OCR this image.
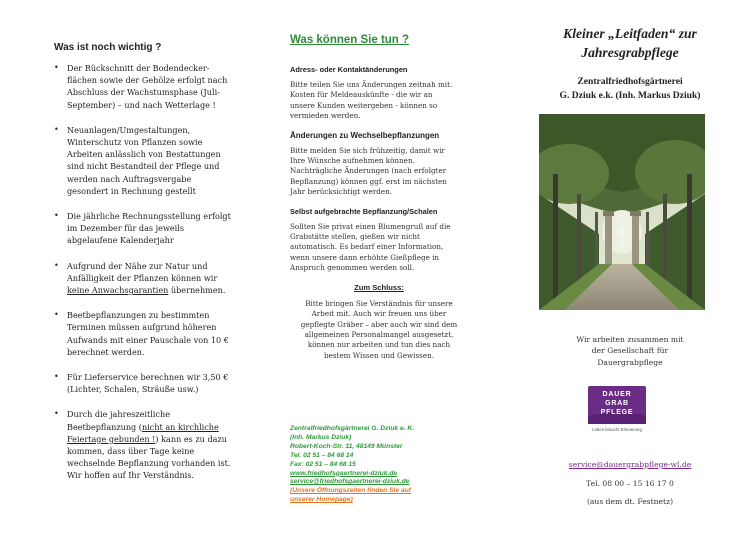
Was ist noch wichtig ?
• Der Rückschnitt der Bodendecker-
flächen sowie der Gehölze erfolgt nach
Abschluss der Wachstumsphase (Juli-
September) – und nach Wetterlage !
• Neuanlagen/Umgestaltungen,
Winterschutz von Pflanzen sowie
Arbeiten anlässlich von Bestattungen
sind nicht Bestandteil der Pflege und
werden nach Auftragsvergabe
gesondert in Rechnung gestellt
• Die jährliche Rechnungsstellung erfolgt
im Dezember für das jeweils
abgelaufene Kalenderjahr
• Aufgrund der Nähe zur Natur und
Anfälligkeit der Pflanzen können wir
keine Anwachsgarantien übernehmen.
• Beetbepflanzungen zu bestimmten
Terminen müssen aufgrund höheren
Aufwands mit einer Pauschale von 10 €
berechnet werden.
• Für Lieferservice berechnen wir 3,50 €
(Lichter, Schalen, Sträuße usw.)
• Durch die jahreszeitliche
Beetbepflanzung (nicht an kirchliche
Feiertage gebunden !) kann es zu dazu
kommen, dass über Tage keine
wechselnde Bepflanzung vorhanden ist.
Wir hoffen auf Ihr Verständnis.
Was können Sie tun ?
Adress- oder Kontaktänderungen

Bitte teilen Sie uns Änderungen zeitnah mit.
Kosten für Meldeauskünfte - die wir an
unsere Kunden weitergeben - können so
vermieden werden.

Änderungen zu Wechselbepflanzungen

Bitte melden Sie sich frühzeitig, damit wir
Ihre Wünsche aufnehmen können.
Nachträgliche Änderungen (nach erfolgter
Bepflanzung) können ggf. erst im nächsten
Jahr berücksichtigt werden.

Selbst aufgebrachte Bepflanzung/Schalen

Sollten Sie privat einen Blumengruß auf die
Grabstätte stellen, gießen wir nicht
automatisch. Es bedarf einer Information,
wenn unsere dann erhöhte Gießpflege in
Anspruch genommen werden soll.

Zum Schluss:

Bitte bringen Sie Verständnis für unsere
Arbeit mit. Auch wir freuen uns über
gepflegte Gräber – aber auch wir sind dem
allgemeinen Personalmangel ausgesetzt,
können nur arbeiten und tun dies nach
bestem Wissen und Gewissen.

Zentralfriedhofsgärtnerei G. Dziuk e. K.
(Inh. Markus Dziuk)
Robert-Koch-Str. 11, 48149 Münster
Tel. 02 51 – 84 68 14
Fax: 02 51 – 84 68 15
www.friedhofsgaertnerei-dziuk.de
service@friedhofsgaertnerei-dziuk.de
(Unsere Öffnungszeiten finden Sie auf
unserer Homepage)
Kleiner „Leitfaden“ zur
Jahresgrabpflege
Zentralfriedhofsgärtnerei
G. Dziuk e.k. (Inh. Markus Dziuk)
Wir arbeiten zusammen mit
der Gesellschaft für
Dauergrabpflege
DAUER
GRAB
PFLEGE
Leben braucht Erinnerung
service@dauergrabpflege-wl.de
Tel. 08 00 – 15 16 17 0
(aus dem dt. Festnetz)
